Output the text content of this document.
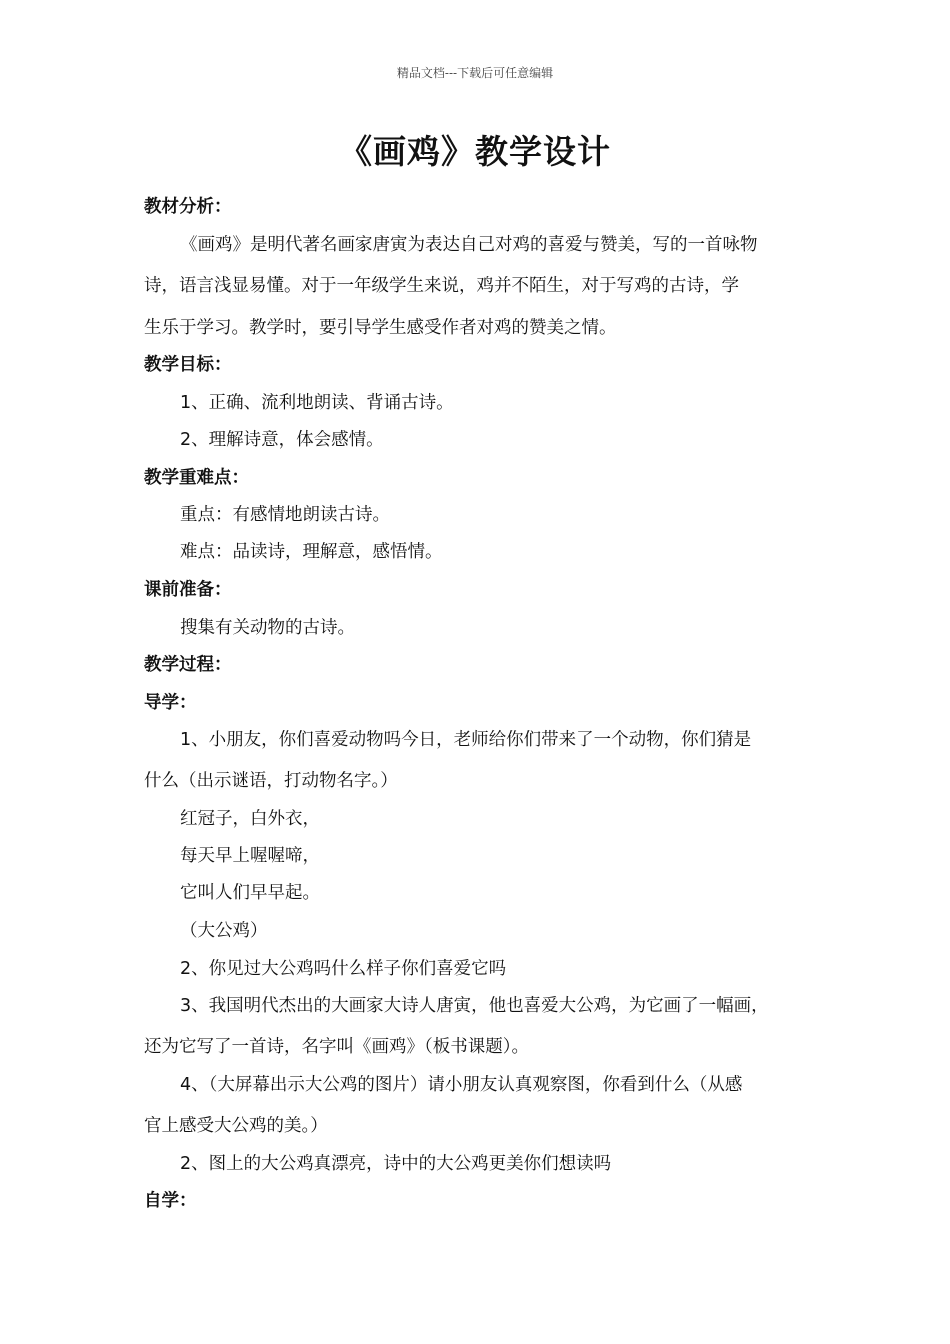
精品文档---下载后可任意编辑
《画鸡》教学设计
教材分析：
《画鸡》是明代著名画家唐寅为表达自己对鸡的喜爱与赞美，写的一首咏物
诗，语言浅显易懂。对于一年级学生来说，鸡并不陌生，对于写鸡的古诗，学
生乐于学习。教学时，要引导学生感受作者对鸡的赞美之情。
教学目标：
1、正确、流利地朗读、背诵古诗。
2、理解诗意，体会感情。
教学重难点：
重点：有感情地朗读古诗。
难点：品读诗，理解意，感悟情。
课前准备：
搜集有关动物的古诗。
教学过程：
导学：
1、小朋友，你们喜爱动物吗今日，老师给你们带来了一个动物，你们猜是
什么（出示谜语，打动物名字。）
红冠子，白外衣，
每天早上喔喔啼，
它叫人们早早起。
（大公鸡）
2、你见过大公鸡吗什么样子你们喜爱它吗
3、我国明代杰出的大画家大诗人唐寅，他也喜爱大公鸡，为它画了一幅画，
还为它写了一首诗，名字叫《画鸡》（板书课题）。
4、（大屏幕出示大公鸡的图片）请小朋友认真观察图，你看到什么（从感
官上感受大公鸡的美。）
2、图上的大公鸡真漂亮，诗中的大公鸡更美你们想读吗
自学：
